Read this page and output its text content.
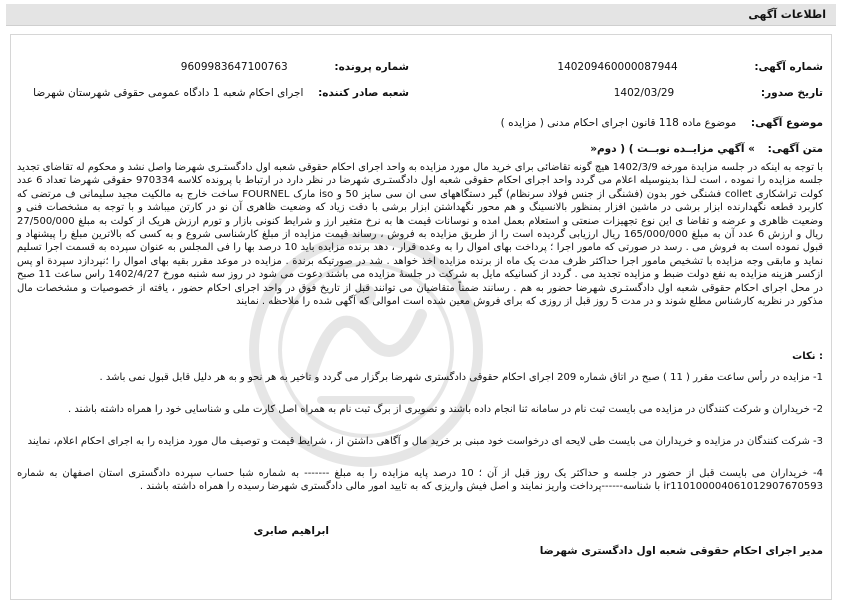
اطلاعات آگهی
شماره آگهی:  140209460000087944
شماره پرونده:  9609983647100763
تاریخ صدور:  1402/03/29
شعبه صادر کننده:  اجرای احکام شعبه 1 دادگاه عمومی حقوقی شهرستان شهرضا
موضوع آگهی:  موضوع ماده 118 قانون اجرای احکام مدنی ( مزایده )
متن آگهی:  » آگهي مزايــده نوبــت ) ( دوم«
با توجه به اینکه در جلسه مزایدة مورخه 1402/3/9 هیچ گونه تقاضائی برای خرید مال مورد مزایده به واحد اجرای احکام حقوقی شعبه اول دادگستـری شهرضا واصل نشد و محکوم له تقاضای تجدید جلسه مزایده را نموده ، است لـذا بدینوسیله اعلام می گردد واحد اجرای احکام حقوقی شعبه اول دادگستـری شهرضا در نظر دارد در ارتباط با پرونده کلاسه 970334 حقوقی شهرضا تعداد 6 عدد کولت تراشکاری collet فشنگی خور بدون (فشنگی از جنس فولاد سرنظام) گیر دستگاههای سی ان سی سایز 50 و iso مارک FOURNEL ساخت خارج به مالکیت مجید سلیمانی ف مرتضی که کاربرد قطعه نگهدارنده ابزار برشی در ماشین افزار بمنظور بالانسینگ و هم محور نگهداشتن ابزار برشی با دقت زیاد که وضعیت ظاهری آن نو در کارتن میباشد و با توجه به مشخصات فنی و وضعیت ظاهری و عرضه و تقاضا ی این نوع تجهیزات صنعتی و استعلام بعمل امده و نوسانات قیمت ها به نرخ متغیر ارز و شرایط کنونی بازار و تورم ارزش هریک از کولت به مبلغ 27/500/000 ریال و ارزش 6 عدد آن به مبلغ 165/000/000 ریال ارزیابی گردیده است را از طریق مزایده به فروش ، رساند قیمت مزایده از مبلغ کارشناسی شروع و به کسی که بالاترین مبلغ را پیشنهاد و قبول نموده است به فروش می . رسد در صورتی که مامور اجرا ؛ پرداخت بهای اموال را به وعده قرار ، دهد برنده مزایده باید 10 درصد بها را فی المجلس به عنوان سپرده به قسمت اجرا تسلیم نماید و مابقی وجه مزایده با تشخیص مامور اجرا حداکثر ظرف مدت یک ماه از برنده مزایده اخذ خواهد . شد در صورتیکه برندة . مزایده در موعد مقرر بقیه بهای اموال را ؛نپردازد سپردة او پس ازکسر هزینه مزایده به نفع دولت ضبط و مزایده تجدید می . گردد از کسانیکه مایل به شرکت در جلسهٔ مزایده می باشند دعوت می شود در روز سه شنبه مورخ 1402/4/27 راس ساعت 11 صبح در محل اجرای احکام حقوقی شعبه اول دادگستـری شهرضا حضور به هم . رسانند ضمناً متقاضیان می توانند قبل از تاریخ فوق در واحد اجرای احکام حضور ، یافته از خصوصیات و مشخصات مال مذکور در نظریه کارشناس مطلع شوند و در مدت 5 روز قبل از روزی که برای فروش معین شده است اموالی که آگهی شده را ملاحظه . نمایند
: نکات
1- مزایده در رأس ساعت مقرر ( 11 ) صبح در اتاق شماره 209 اجرای احکام حقوقی دادگستری شهرضا برگزار می گردد و تاخیر به هر نحو و به هر دلیل قابل قبول نمی باشد .
2- خریداران و شرکت کنندگان در مزایده می بایست ثبت نام در سامانه ثنا انجام داده باشند و تصویری از برگ ثبت نام به همراه اصل کارت ملی و شناسایی خود را همراه داشته باشند .
3- شرکت کنندگان در مزایده و خریداران می بایست طی لایحه ای درخواست خود مبنی بر خرید مال و آگاهی داشتن از ، شرایط قیمت و توصیف مال مورد مزایده را به اجرای احکام اعلام، نمایند
4- خریداران می بایست قبل از حضور در جلسه و حداکثر یک روز قبل از آن ؛ 10 درصد پایه مزایده را به مبلغ ------- به شماره شبا حساب سپرده دادگستری استان اصفهان به شماره ir110100004061012907670593 با شناسه------پرداخت واریز نمایند و اصل فیش واریزی که به تایید امور مالی دادگستری شهرضا رسیده را همراه داشته باشند .
ابراهیم صابری
مدیر اجرای احکام حقوقی شعبه اول دادگستری شهرضا
